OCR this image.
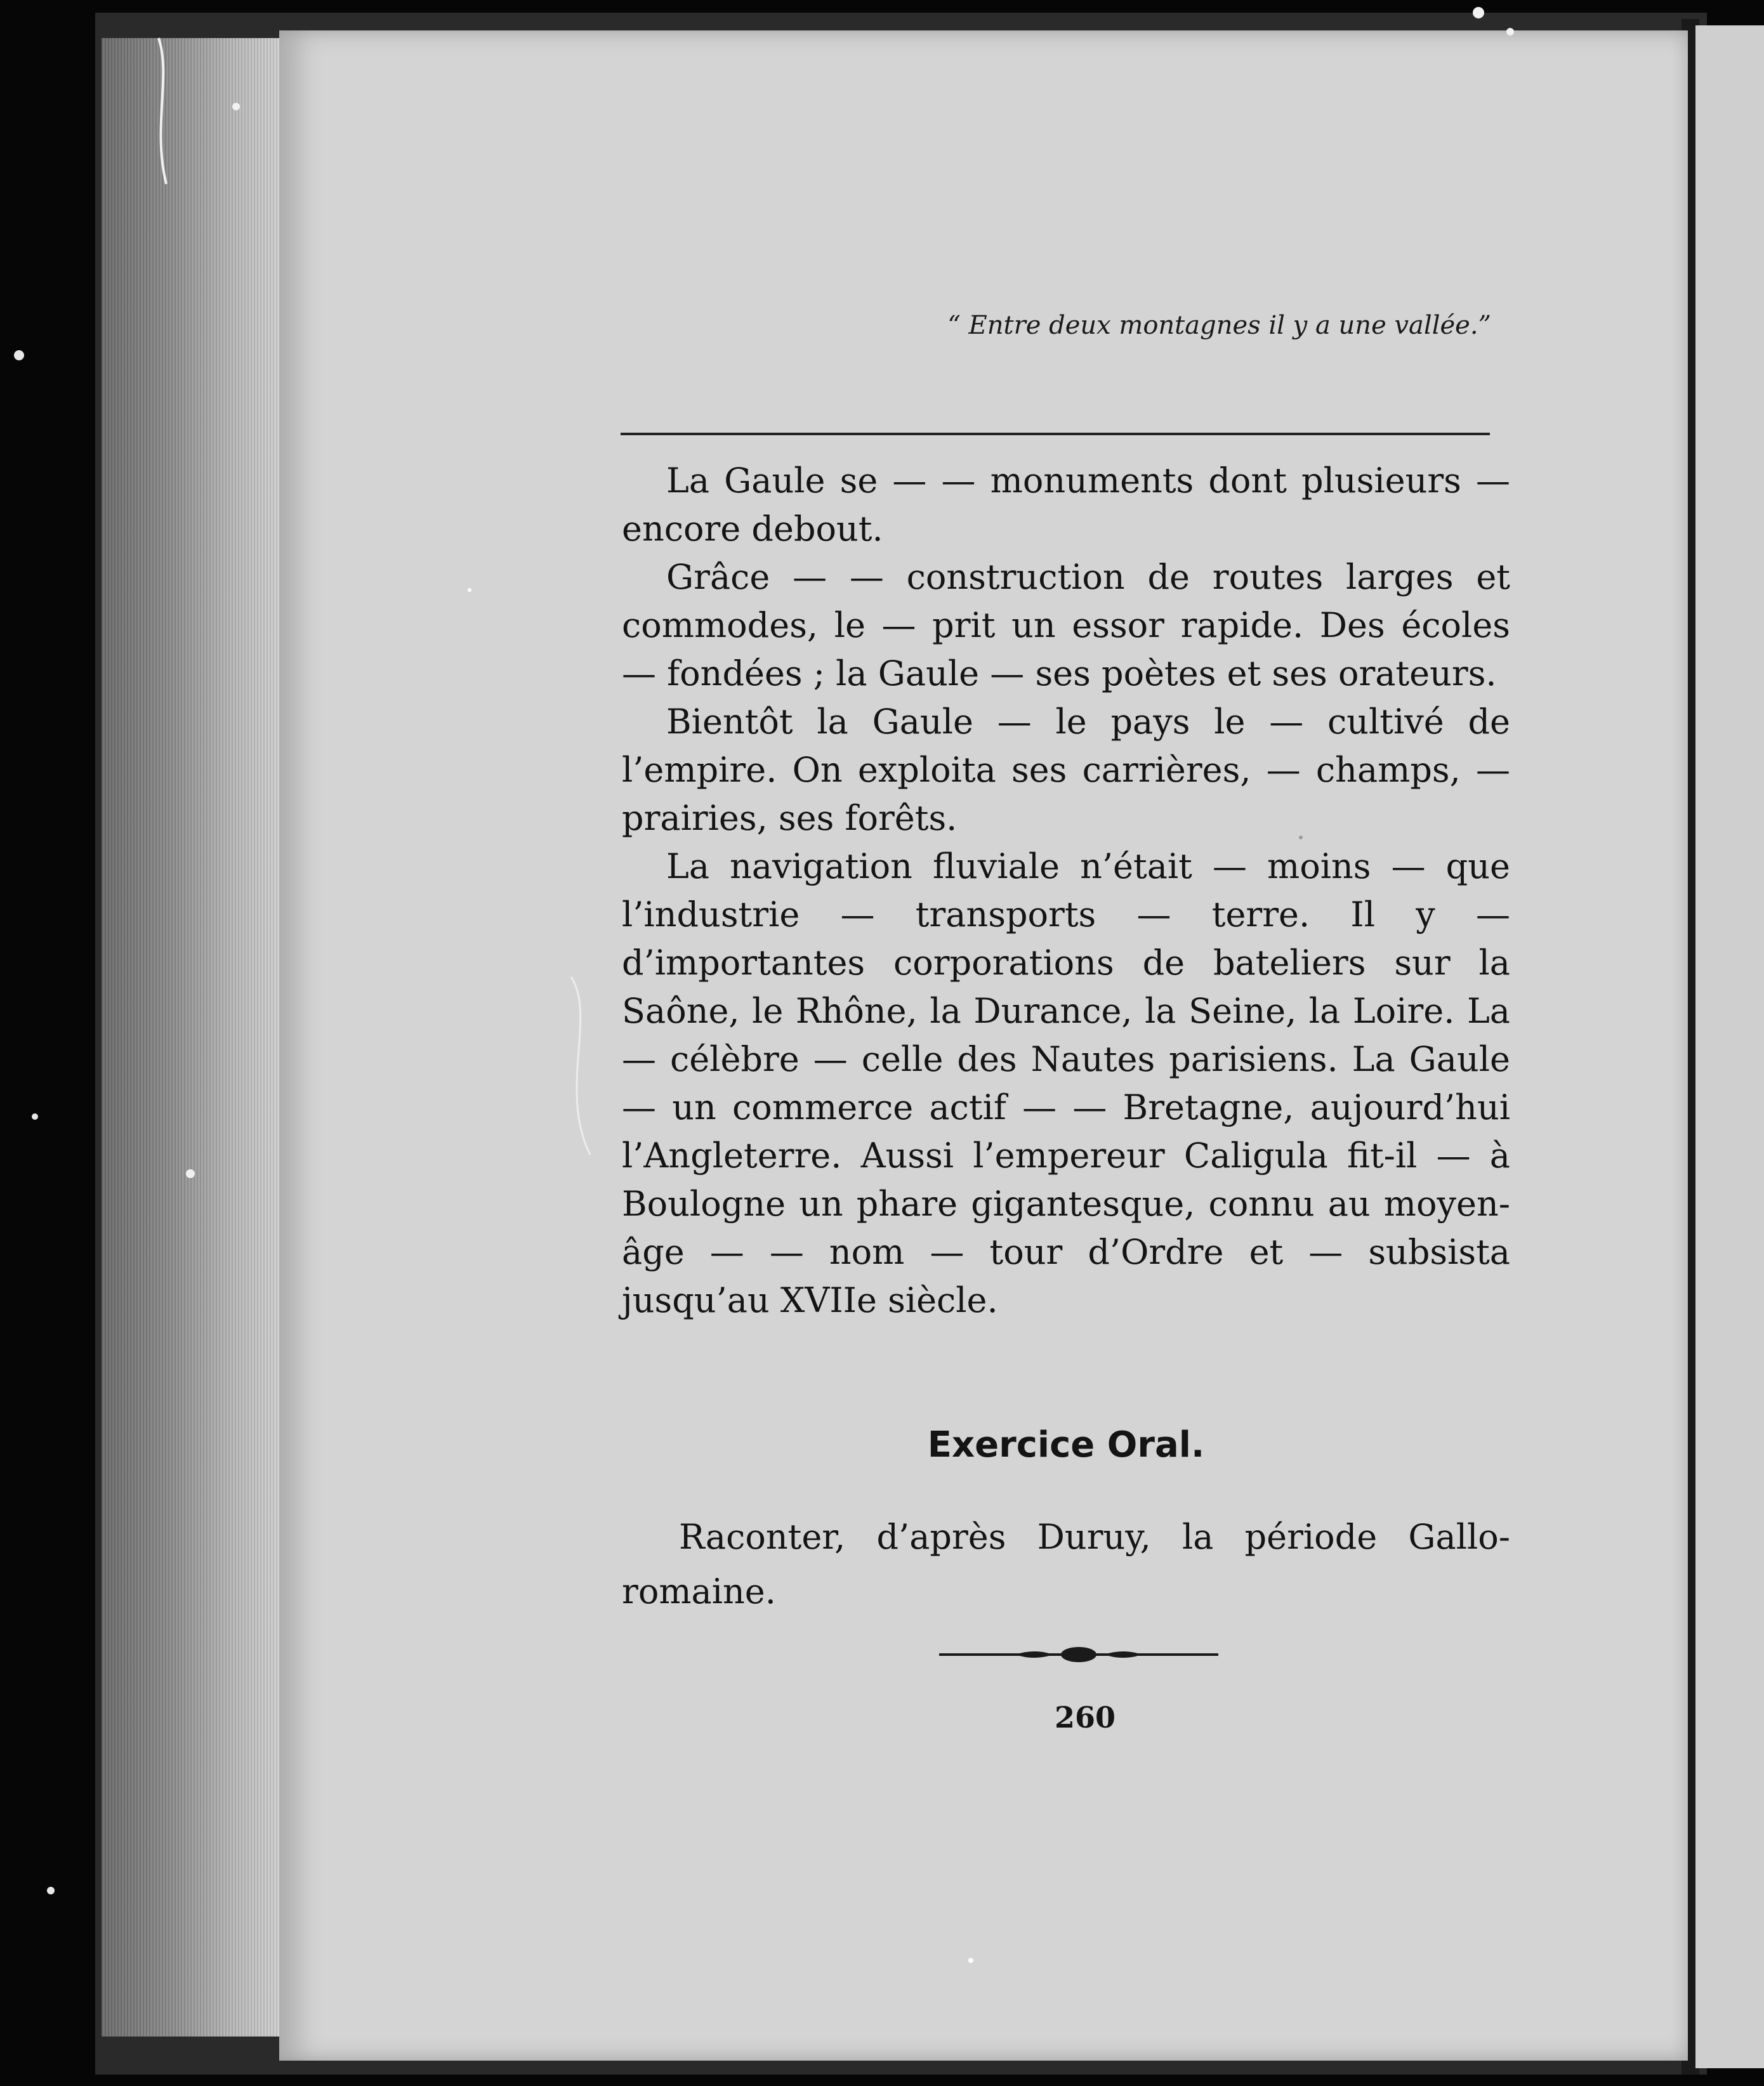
“ Entre deux montagnes il y a une vallée.”

La Gaule se — — monuments dont plusieurs — encore debout.

Grâce — — construction de routes larges et commodes, le — prit un essor rapide. Des écoles — fondées ; la Gaule — ses poètes et ses orateurs.

Bientôt la Gaule — le pays le — cultivé de l’empire. On exploita ses carrières, — champs, — prairies, ses forêts.

La navigation fluviale n’était — moins — que l’industrie — transports — terre. Il y — d’importantes corporations de bateliers sur la Saône, le Rhône, la Durance, la Seine, la Loire. La — célèbre — celle des Nautes parisiens. La Gaule — un commerce actif — — Bretagne, aujourd’hui l’Angleterre. Aussi l’empereur Caligula fit-il — à Boulogne un phare gigantesque, connu au moyen-âge — — nom — tour d’Ordre et — subsista jusqu’au XVIIe siècle.

Exercice Oral.

Raconter, d’après Duruy, la période Gallo-romaine.

260
